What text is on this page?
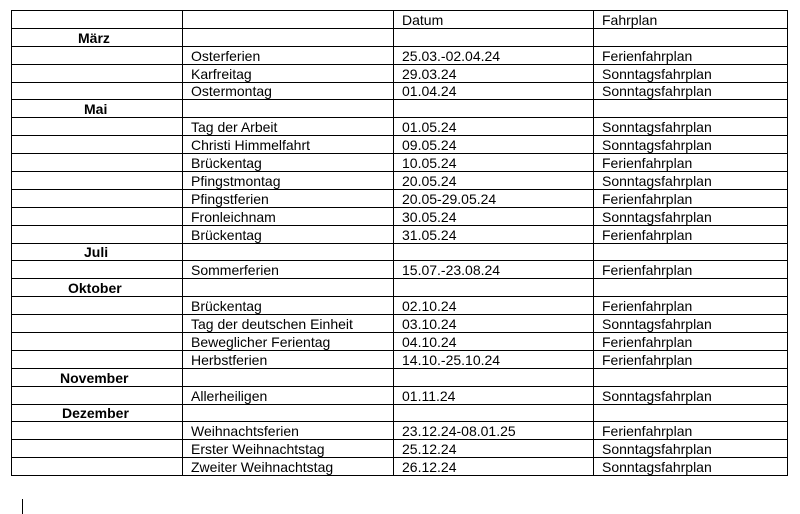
		Datum	Fahrplan
März			
	Osterferien	25.03.-02.04.24	Ferienfahrplan
	Karfreitag	29.03.24	Sonntagsfahrplan
	Ostermontag	01.04.24	Sonntagsfahrplan
Mai			
	Tag der Arbeit	01.05.24	Sonntagsfahrplan
	Christi Himmelfahrt	09.05.24	Sonntagsfahrplan
	Brückentag	10.05.24	Ferienfahrplan
	Pfingstmontag	20.05.24	Sonntagsfahrplan
	Pfingstferien	20.05-29.05.24	Ferienfahrplan
	Fronleichnam	30.05.24	Sonntagsfahrplan
	Brückentag	31.05.24	Ferienfahrplan
Juli			
	Sommerferien	15.07.-23.08.24	Ferienfahrplan
Oktober			
	Brückentag	02.10.24	Ferienfahrplan
	Tag der deutschen Einheit	03.10.24	Sonntagsfahrplan
	Beweglicher Ferientag	04.10.24	Ferienfahrplan
	Herbstferien	14.10.-25.10.24	Ferienfahrplan
November			
	Allerheiligen	01.11.24	Sonntagsfahrplan
Dezember			
	Weihnachtsferien	23.12.24-08.01.25	Ferienfahrplan
	Erster Weihnachtstag	25.12.24	Sonntagsfahrplan
	Zweiter Weihnachtstag	26.12.24	Sonntagsfahrplan
